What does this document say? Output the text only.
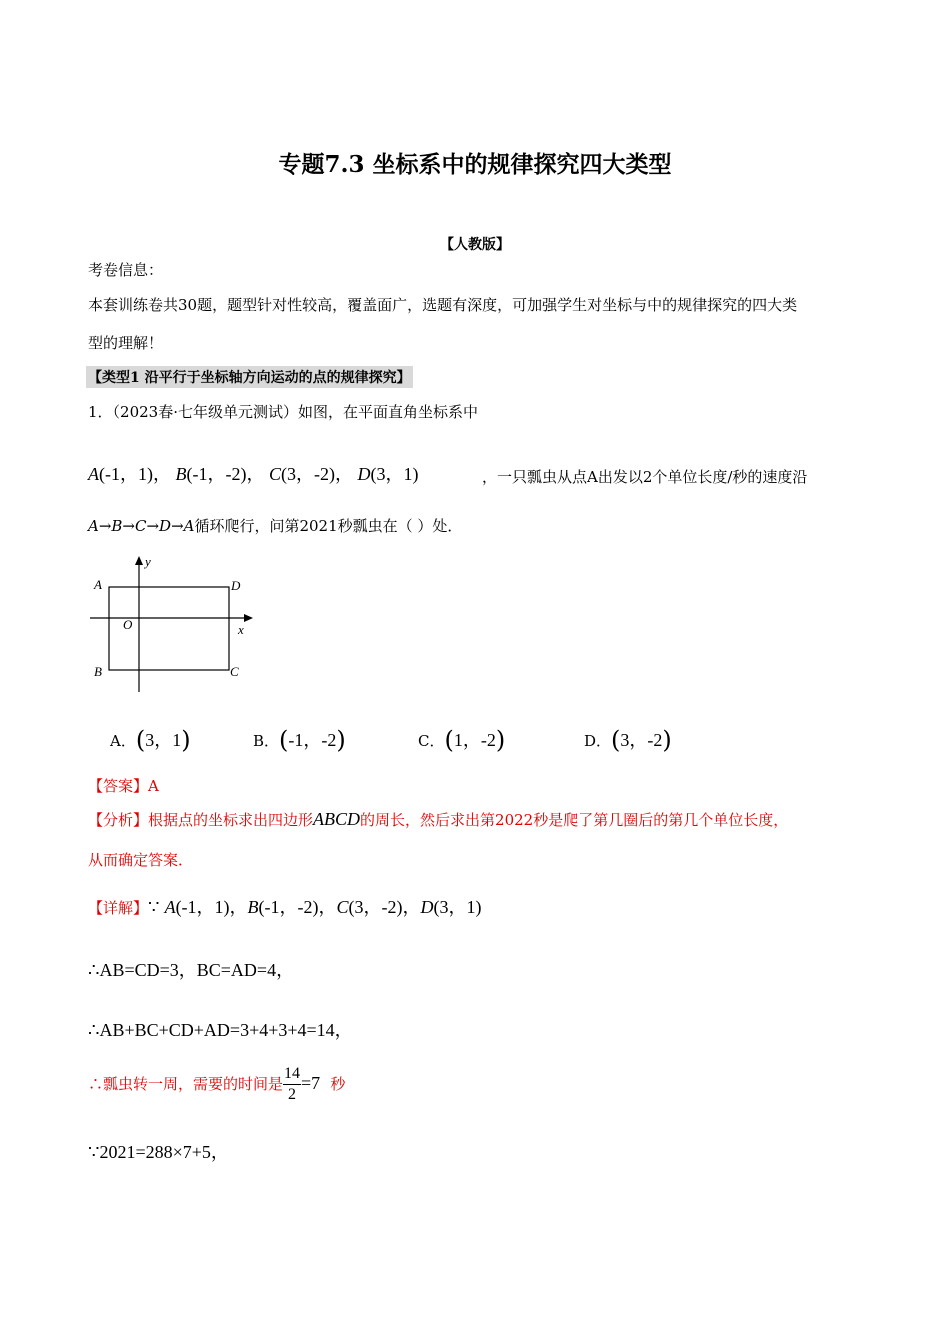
专题7.3 坐标系中的规律探究四大类型
【人教版】
考卷信息：
本套训练卷共30题，题型针对性较高，覆盖面广，选题有深度，可加强学生对坐标与中的规律探究的四大类
型的理解！
【类型1 沿平行于坐标轴方向运动的点的规律探究】
1．（2023春·七年级单元测试）如图，在平面直角坐标系中
A(-1，1)， B(-1，-2)， C(3，-2)， D(3，1)	，一只瓢虫从点A出发以2个单位长度/秒的速度沿
A→B→C→D→A循环爬行，问第2021秒瓢虫在（ ）处．
y
x
O
A	D
B	C
A．(3，1)	B．(-1，-2)	C．(1，-2)	D．(3，-2)
【答案】A
【分析】根据点的坐标求出四边形ABCD的周长，然后求出第2022秒是爬了第几圈后的第几个单位长度，
从而确定答案．
【详解】∵ A(-1，1)，B(-1，-2)，C(3，-2)，D(3，1)
∴AB=CD=3，BC=AD=4，
∴AB+BC+CD+AD=3+4+3+4=14，
∴瓢虫转一周，需要的时间是 $\frac{14}{2} =7$ 秒
∵2021=288×7+5，
